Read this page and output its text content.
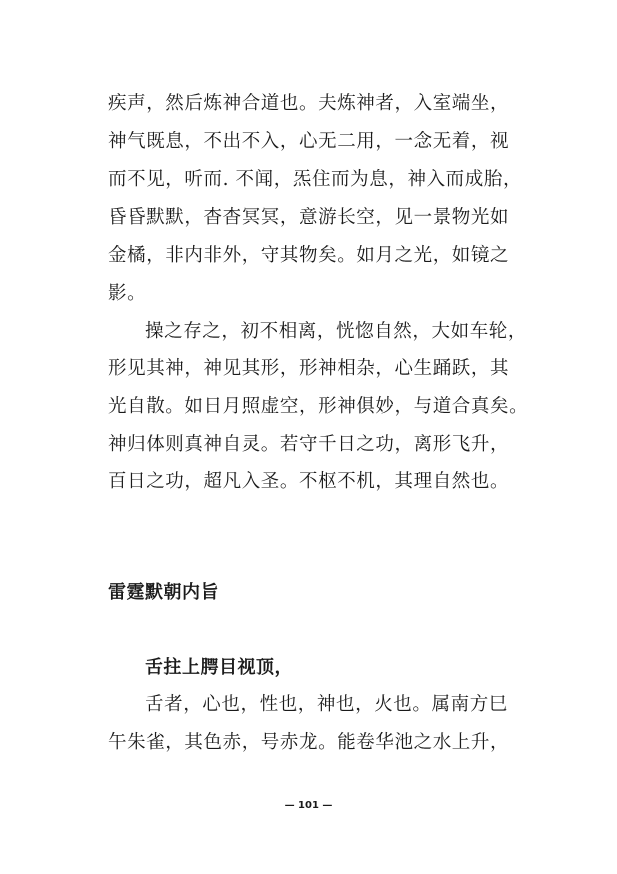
疾声，然后炼神合道也。夫炼神者，入室端坐，
神气既息，不出不入，心无二用，一念无着，视
而不见，听而. 不闻，炁住而为息，神入而成胎，
昏昏默默，杳杳冥冥，意游长空，见一景物光如
金橘，非内非外，守其物矣。如月之光，如镜之
影。
操之存之，初不相离，恍惚自然，大如车轮，
形见其神，神见其形，形神相杂，心生踊跃，其
光自散。如日月照虚空，形神俱妙，与道合真矣。
神归体则真神自灵。若守千日之功，离形飞升，
百日之功，超凡入圣。不枢不机，其理自然也。
雷霆默朝内旨
舌拄上腭目视顶，
舌者，心也，性也，神也，火也。属南方巳
午朱雀，其色赤，号赤龙。能卷华池之水上升，
— 101 —
